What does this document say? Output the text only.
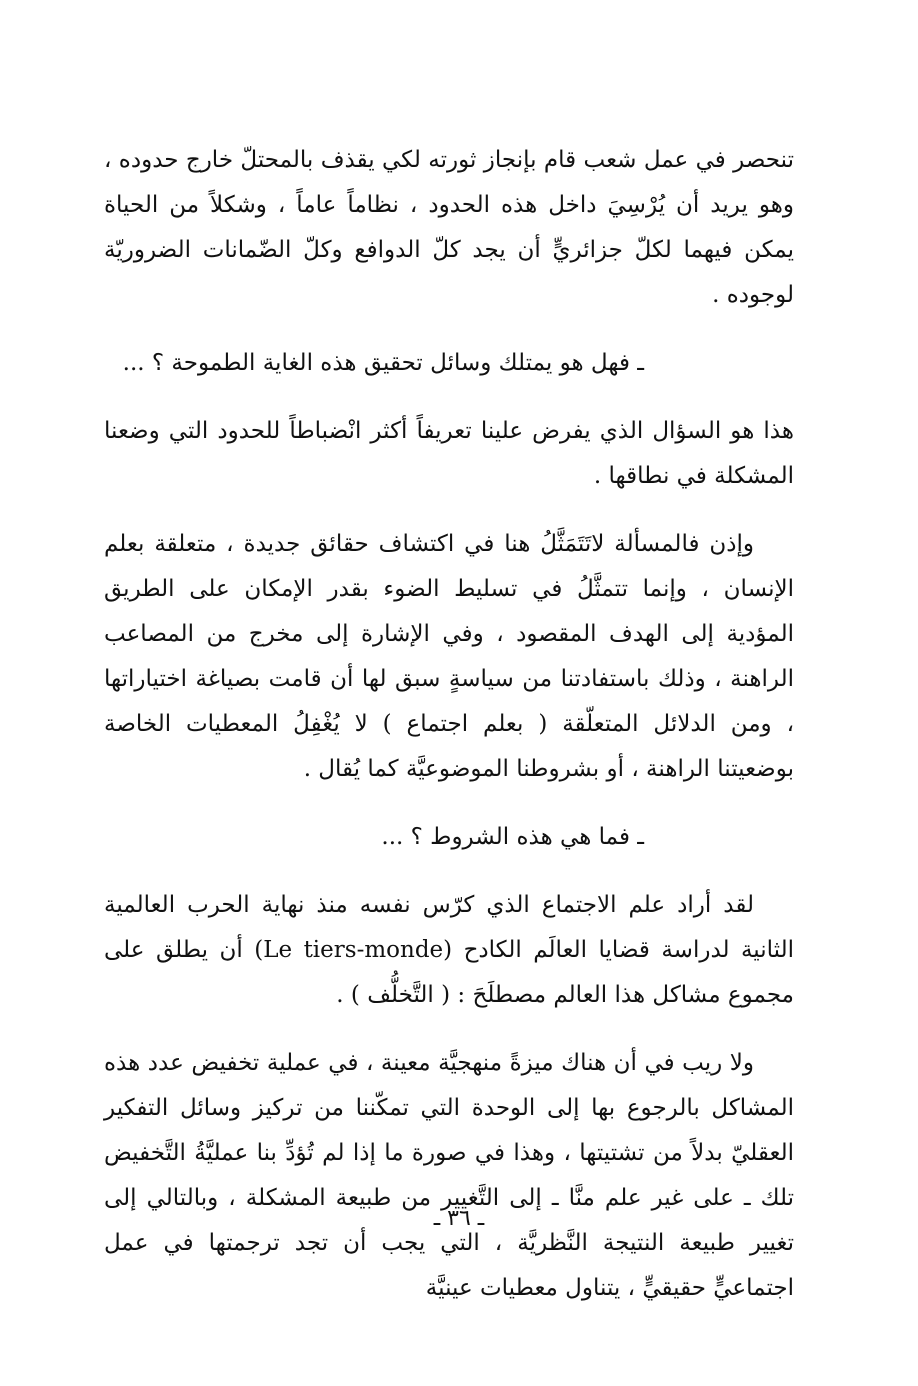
تنحصر في عمل شعب قام بإنجاز ثورته لكي يقذف بالمحتلّ خارج حدوده ، وهو يريد أن يُرْسِيَ داخل هذه الحدود ، نظاماً عاماً ، وشكلاً من الحياة يمكن فيهما لكلّ جزائريٍّ أن يجد كلّ الدوافع وكلّ الضّمانات الضروريّة لوجوده .

ـ فهل هو يمتلك وسائل تحقيق هذه الغاية الطموحة ؟ ...

هذا هو السؤال الذي يفرض علينا تعريفاً أكثر انْضباطاً للحدود التي وضعنا المشكلة في نطاقها .

وإذن فالمسألة لاتَتَمَثَّلُ هنا في اكتشاف حقائق جديدة ، متعلقة بعلم الإنسان ، وإنما تتمثَّلُ في تسليط الضوء بقدر الإمكان على الطريق المؤدية إلى الهدف المقصود ، وفي الإشارة إلى مخرج من المصاعب الراهنة ، وذلك باستفادتنا من سياسةٍ سبق لها أن قامت بصياغة اختياراتها ، ومن الدلائل المتعلّقة ( بعلم اجتماع ) لا يُغْفِلُ المعطيات الخاصة بوضعيتنا الراهنة ، أو بشروطنا الموضوعيَّة كما يُقال .

ـ فما هي هذه الشروط ؟ ...

لقد أراد علم الاجتماع الذي كرّس نفسه منذ نهاية الحرب العالمية الثانية لدراسة قضايا العالَم الكادح (Le tiers-monde) أن يطلق على مجموع مشاكل هذا العالم مصطلَحَ : ( التَّخلُّف ) .

ولا ريب في أن هناك ميزةً منهجيَّة معينة ، في عملية تخفيض عدد هذه المشاكل بالرجوع بها إلى الوحدة التي تمكّننا من تركيز وسائل التفكير العقليّ بدلاً من تشتيتها ، وهذا في صورة ما إذا لم تُؤدِّ بنا عمليَّةُ التَّخفيض تلك ـ على غير علم منَّا ـ إلى التَّغيير من طبيعة المشكلة ، وبالتالي إلى تغيير طبيعة النتيجة النَّظريَّة ، التي يجب أن تجد ترجمتها في عمل اجتماعيٍّ حقيقيٍّ ، يتناول معطيات عينيَّة

ـ ٣٦ ـ
